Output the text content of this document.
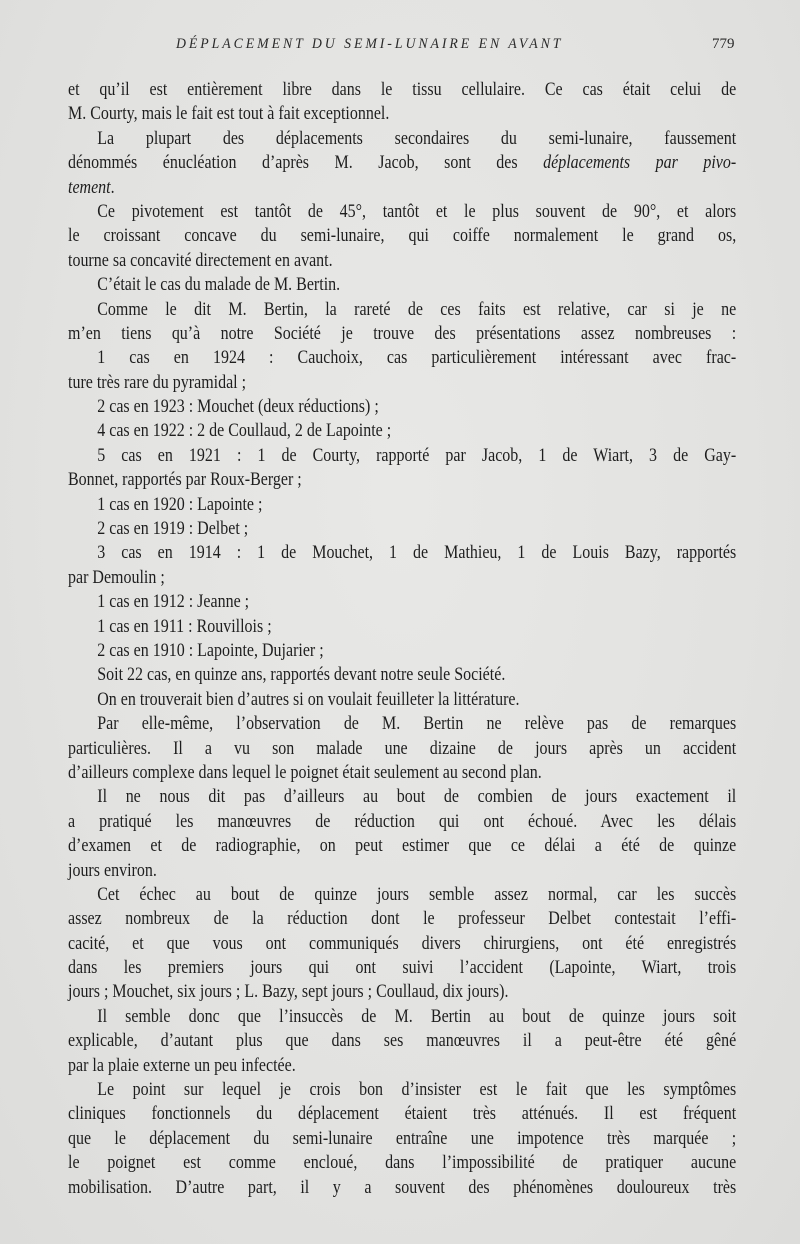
DÉPLACEMENT DU SEMI-LUNAIRE EN AVANT	779
et qu’il est entièrement libre dans le tissu cellulaire. Ce cas était celui de
M. Courty, mais le fait est tout à fait exceptionnel.
La plupart des déplacements secondaires du semi-lunaire, faussement
dénommés énucléation d’après M. Jacob, sont des déplacements par pivo-
tement.
Ce pivotement est tantôt de 45°, tantôt et le plus souvent de 90°, et alors
le croissant concave du semi-lunaire, qui coiffe normalement le grand os,
tourne sa concavité directement en avant.
C’était le cas du malade de M. Bertin.
Comme le dit M. Bertin, la rareté de ces faits est relative, car si je ne
m’en tiens qu’à notre Société je trouve des présentations assez nombreuses :
1 cas en 1924 : Cauchoix, cas particulièrement intéressant avec frac-
ture très rare du pyramidal ;
2 cas en 1923 : Mouchet (deux réductions) ;
4 cas en 1922 : 2 de Coullaud, 2 de Lapointe ;
5 cas en 1921 : 1 de Courty, rapporté par Jacob, 1 de Wiart, 3 de Gay-
Bonnet, rapportés par Roux-Berger ;
1 cas en 1920 : Lapointe ;
2 cas en 1919 : Delbet ;
3 cas en 1914 : 1 de Mouchet, 1 de Mathieu, 1 de Louis Bazy, rapportés
par Demoulin ;
1 cas en 1912 : Jeanne ;
1 cas en 1911 : Rouvillois ;
2 cas en 1910 : Lapointe, Dujarier ;
Soit 22 cas, en quinze ans, rapportés devant notre seule Société.
On en trouverait bien d’autres si on voulait feuilleter la littérature.
Par elle-même, l’observation de M. Bertin ne relève pas de remarques
particulières. Il a vu son malade une dizaine de jours après un accident
d’ailleurs complexe dans lequel le poignet était seulement au second plan.
Il ne nous dit pas d’ailleurs au bout de combien de jours exactement il
a pratiqué les manœuvres de réduction qui ont échoué. Avec les délais
d’examen et de radiographie, on peut estimer que ce délai a été de quinze
jours environ.
Cet échec au bout de quinze jours semble assez normal, car les succès
assez nombreux de la réduction dont le professeur Delbet contestait l’effi-
cacité, et que vous ont communiqués divers chirurgiens, ont été enregistrés
dans les premiers jours qui ont suivi l’accident (Lapointe, Wiart, trois
jours ; Mouchet, six jours ; L. Bazy, sept jours ; Coullaud, dix jours).
Il semble donc que l’insuccès de M. Bertin au bout de quinze jours soit
explicable, d’autant plus que dans ses manœuvres il a peut-être été gêné
par la plaie externe un peu infectée.
Le point sur lequel je crois bon d’insister est le fait que les symptômes
cliniques fonctionnels du déplacement étaient très atténués. Il est fréquent
que le déplacement du semi-lunaire entraîne une impotence très marquée ;
le poignet est comme encloué, dans l’impossibilité de pratiquer aucune
mobilisation. D’autre part, il y a souvent des phénomènes douloureux très
